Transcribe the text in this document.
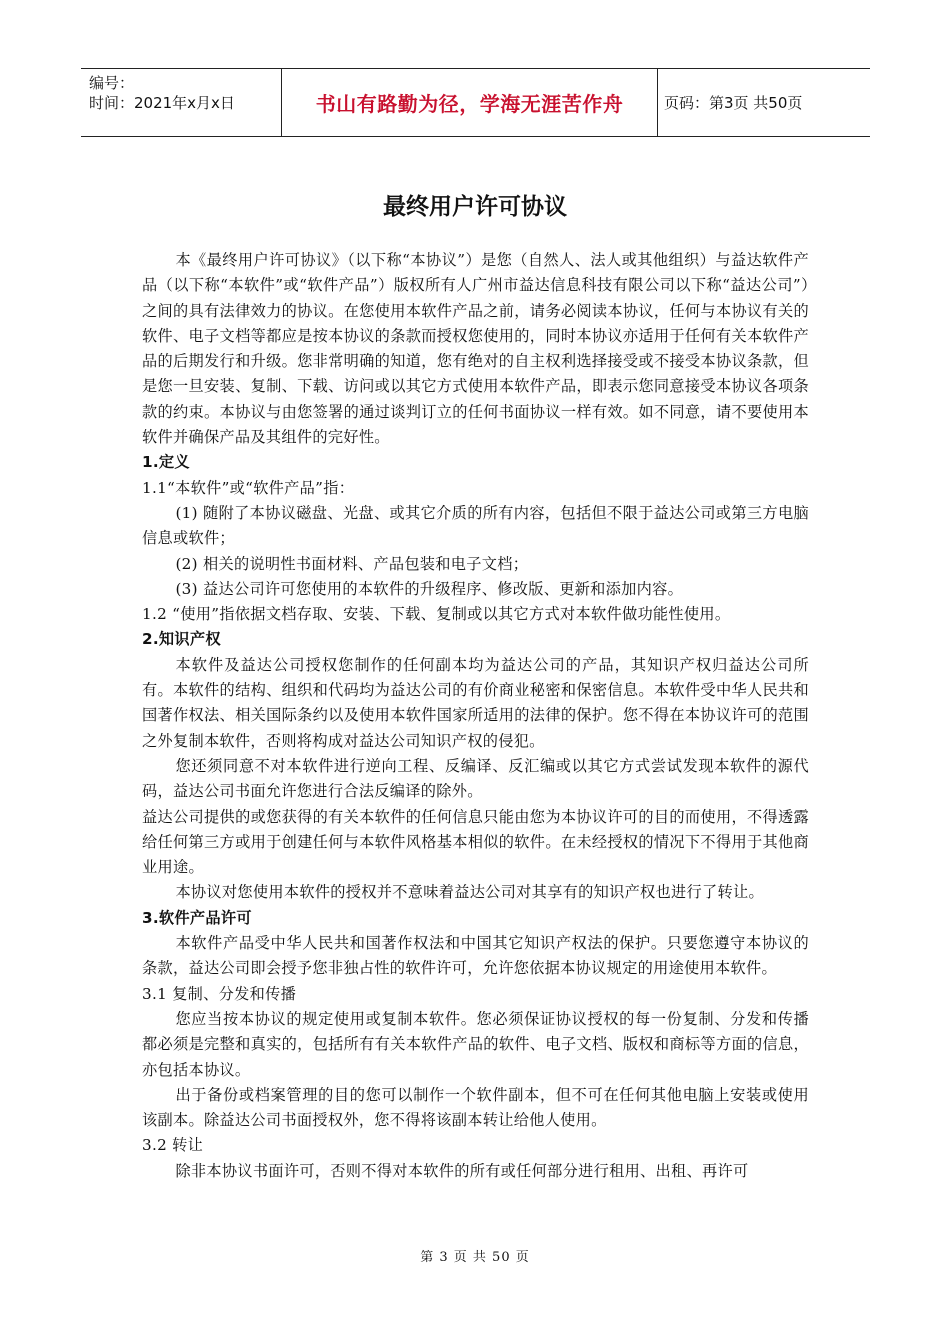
编号：
时间：2021年x月x日	书山有路勤为径，学海无涯苦作舟	页码：第3页 共50页
最终用户许可协议

本《最终用户许可协议》（以下称“本协议”）是您（自然人、法人或其他组织）与益达软件产品（以下称“本软件”或“软件产品”）版权所有人广州市益达信息科技有限公司以下称“益达公司”）之间的具有法律效力的协议。在您使用本软件产品之前，请务必阅读本协议，任何与本协议有关的软件、电子文档等都应是按本协议的条款而授权您使用的，同时本协议亦适用于任何有关本软件产品的后期发行和升级。您非常明确的知道，您有绝对的自主权利选择接受或不接受本协议条款，但是您一旦安装、复制、下载、访问或以其它方式使用本软件产品，即表示您同意接受本协议各项条款的约束。本协议与由您签署的通过谈判订立的任何书面协议一样有效。如不同意，请不要使用本软件并确保产品及其组件的完好性。

1.定义

1.1“本软件”或“软件产品”指：

(1) 随附了本协议磁盘、光盘、或其它介质的所有内容，包括但不限于益达公司或第三方电脑信息或软件；

(2) 相关的说明性书面材料、产品包装和电子文档；

(3) 益达公司许可您使用的本软件的升级程序、修改版、更新和添加内容。

1.2 “使用”指依据文档存取、安装、下载、复制或以其它方式对本软件做功能性使用。

2.知识产权

本软件及益达公司授权您制作的任何副本均为益达公司的产品，其知识产权归益达公司所有。本软件的结构、组织和代码均为益达公司的有价商业秘密和保密信息。本软件受中华人民共和国著作权法、相关国际条约以及使用本软件国家所适用的法律的保护。您不得在本协议许可的范围之外复制本软件，否则将构成对益达公司知识产权的侵犯。

您还须同意不对本软件进行逆向工程、反编译、反汇编或以其它方式尝试发现本软件的源代码，益达公司书面允许您进行合法反编译的除外。

益达公司提供的或您获得的有关本软件的任何信息只能由您为本协议许可的目的而使用，不得透露给任何第三方或用于创建任何与本软件风格基本相似的软件。在未经授权的情况下不得用于其他商业用途。

本协议对您使用本软件的授权并不意味着益达公司对其享有的知识产权也进行了转让。

3.软件产品许可

本软件产品受中华人民共和国著作权法和中国其它知识产权法的保护。只要您遵守本协议的条款，益达公司即会授予您非独占性的软件许可，允许您依据本协议规定的用途使用本软件。

3.1 复制、分发和传播

您应当按本协议的规定使用或复制本软件。您必须保证协议授权的每一份复制、分发和传播都必须是完整和真实的，包括所有有关本软件产品的软件、电子文档、版权和商标等方面的信息，亦包括本协议。

出于备份或档案管理的目的您可以制作一个软件副本，但不可在任何其他电脑上安装或使用该副本。除益达公司书面授权外，您不得将该副本转让给他人使用。

3.2 转让

除非本协议书面许可，否则不得对本软件的所有或任何部分进行租用、出租、再许可

第 3 页 共 50 页
